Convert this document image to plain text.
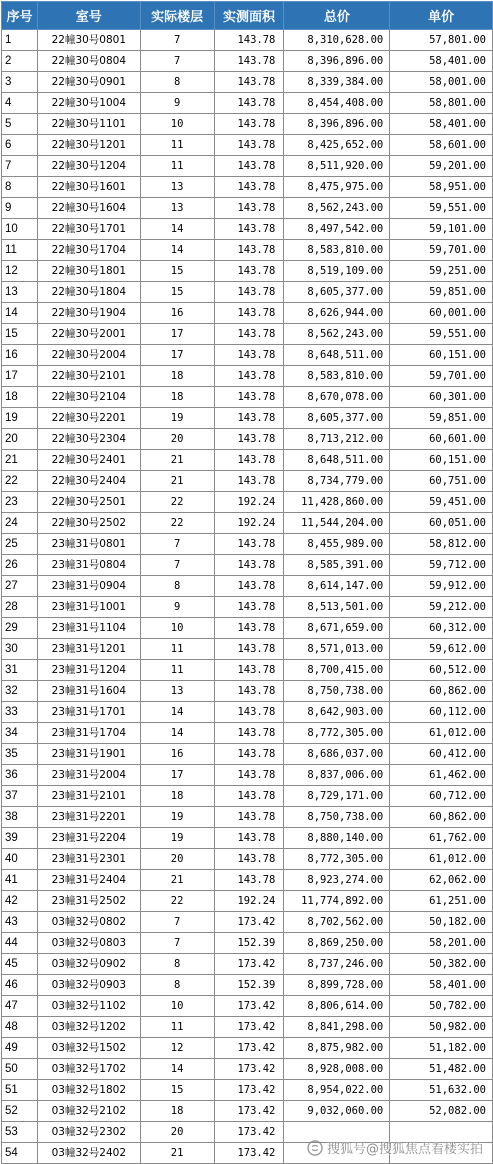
序号	室号	实际楼层	实测面积	总价	单价
1	22幢30号0801	7	143.78	8,310,628.00	57,801.00
2	22幢30号0804	7	143.78	8,396,896.00	58,401.00
3	22幢30号0901	8	143.78	8,339,384.00	58,001.00
4	22幢30号1004	9	143.78	8,454,408.00	58,801.00
5	22幢30号1101	10	143.78	8,396,896.00	58,401.00
6	22幢30号1201	11	143.78	8,425,652.00	58,601.00
7	22幢30号1204	11	143.78	8,511,920.00	59,201.00
8	22幢30号1601	13	143.78	8,475,975.00	58,951.00
9	22幢30号1604	13	143.78	8,562,243.00	59,551.00
10	22幢30号1701	14	143.78	8,497,542.00	59,101.00
11	22幢30号1704	14	143.78	8,583,810.00	59,701.00
12	22幢30号1801	15	143.78	8,519,109.00	59,251.00
13	22幢30号1804	15	143.78	8,605,377.00	59,851.00
14	22幢30号1904	16	143.78	8,626,944.00	60,001.00
15	22幢30号2001	17	143.78	8,562,243.00	59,551.00
16	22幢30号2004	17	143.78	8,648,511.00	60,151.00
17	22幢30号2101	18	143.78	8,583,810.00	59,701.00
18	22幢30号2104	18	143.78	8,670,078.00	60,301.00
19	22幢30号2201	19	143.78	8,605,377.00	59,851.00
20	22幢30号2304	20	143.78	8,713,212.00	60,601.00
21	22幢30号2401	21	143.78	8,648,511.00	60,151.00
22	22幢30号2404	21	143.78	8,734,779.00	60,751.00
23	22幢30号2501	22	192.24	11,428,860.00	59,451.00
24	22幢30号2502	22	192.24	11,544,204.00	60,051.00
25	23幢31号0801	7	143.78	8,455,989.00	58,812.00
26	23幢31号0804	7	143.78	8,585,391.00	59,712.00
27	23幢31号0904	8	143.78	8,614,147.00	59,912.00
28	23幢31号1001	9	143.78	8,513,501.00	59,212.00
29	23幢31号1104	10	143.78	8,671,659.00	60,312.00
30	23幢31号1201	11	143.78	8,571,013.00	59,612.00
31	23幢31号1204	11	143.78	8,700,415.00	60,512.00
32	23幢31号1604	13	143.78	8,750,738.00	60,862.00
33	23幢31号1701	14	143.78	8,642,903.00	60,112.00
34	23幢31号1704	14	143.78	8,772,305.00	61,012.00
35	23幢31号1901	16	143.78	8,686,037.00	60,412.00
36	23幢31号2004	17	143.78	8,837,006.00	61,462.00
37	23幢31号2101	18	143.78	8,729,171.00	60,712.00
38	23幢31号2201	19	143.78	8,750,738.00	60,862.00
39	23幢31号2204	19	143.78	8,880,140.00	61,762.00
40	23幢31号2301	20	143.78	8,772,305.00	61,012.00
41	23幢31号2404	21	143.78	8,923,274.00	62,062.00
42	23幢31号2502	22	192.24	11,774,892.00	61,251.00
43	03幢32号0802	7	173.42	8,702,562.00	50,182.00
44	03幢32号0803	7	152.39	8,869,250.00	58,201.00
45	03幢32号0902	8	173.42	8,737,246.00	50,382.00
46	03幢32号0903	8	152.39	8,899,728.00	58,401.00
47	03幢32号1102	10	173.42	8,806,614.00	50,782.00
48	03幢32号1202	11	173.42	8,841,298.00	50,982.00
49	03幢32号1502	12	173.42	8,875,982.00	51,182.00
50	03幢32号1702	14	173.42	8,928,008.00	51,482.00
51	03幢32号1802	15	173.42	8,954,022.00	51,632.00
52	03幢32号2102	18	173.42	9,032,060.00	52,082.00
53	03幢32号2302	20	173.42		
54	03幢32号2402	21	173.42			搜狐号@搜狐焦点看楼实拍
